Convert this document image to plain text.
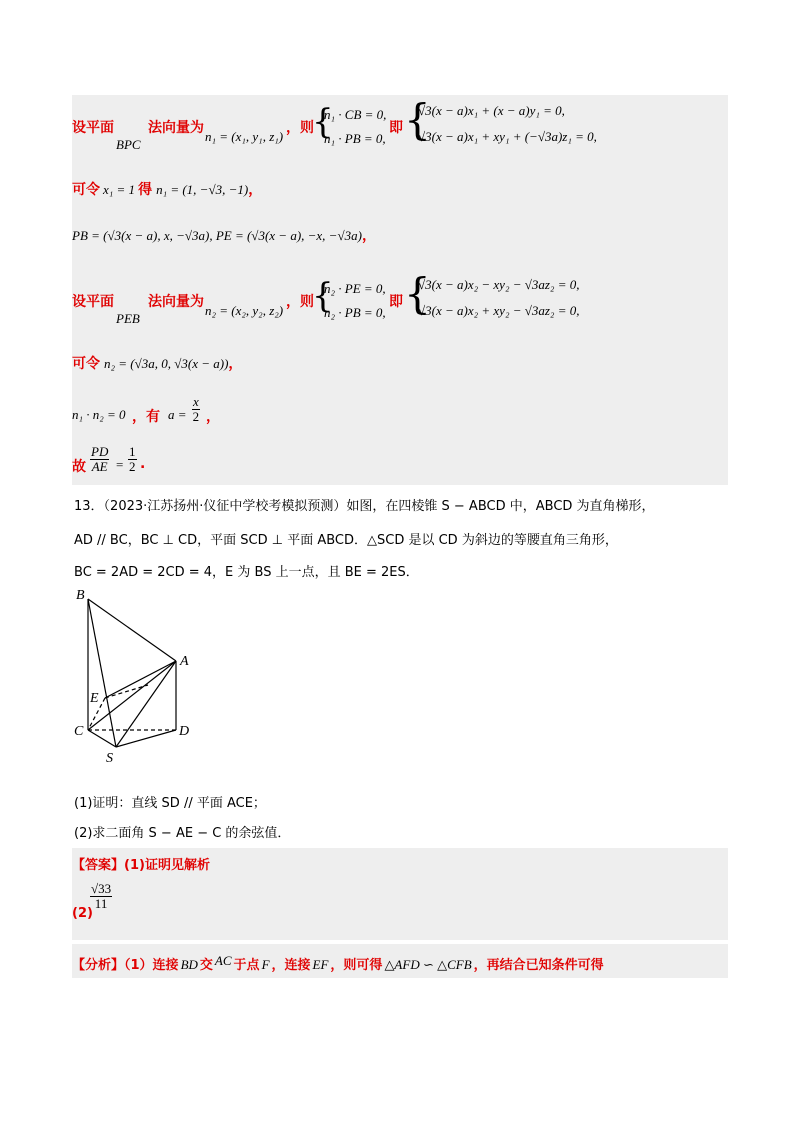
设平面
BPC
法向量为
n₁ = (x₁, y₁, z₁)
，则
{
n₁ · CB = 0,
n₁ · PB = 0,
即 {
√3(x − a)x₁ + (x − a)y₁ = 0,
√3(x − a)x₁ + xy₁ + (−√3a)z₁ = 0,
可令 x₁ = 1 得 n₁ = (1, −√3, −1)，
PB = (√3(x − a), x, −√3a), PE = (√3(x − a), −x, −√3a)，
设平面
PEB
法向量为
n₂ = (x₂, y₂, z₂)
，则
{
n₂ · PE = 0,
n₂ · PB = 0,
即 {
√3(x − a)x₂ − xy₂ − √3az₂ = 0,
√3(x − a)x₂ + xy₂ − √3az₂ = 0,
可令 n₂ = (√3a, 0, √3(x − a))，
n₁ · n₂ = 0 ，有 $a = \frac{x}{2}$ ，
故 $\frac{PD}{AE} = \frac{1}{2}$ .
13．（2023·江苏扬州·仪征中学校考模拟预测）如图，在四棱锥 S − ABCD 中，ABCD 为直角梯形，
AD // BC，BC ⊥ CD，平面 SCD ⊥ 平面 ABCD．△SCD 是以 CD 为斜边的等腰直角三角形，
BC = 2AD = 2CD = 4，E 为 BS 上一点，且 BE = 2ES．
B
A
E
C	D
S
(1)证明：直线 SD // 平面 ACE；
(2)求二面角 S − AE − C 的余弦值．
【答案】(1)证明见解析
(2)
$\frac{√33}{11}$
【分析】（1）连接 BD 交 AC 于点 F ，连接 EF ，则可得 △AFD ∽ △CFB ，再结合已知条件可得
